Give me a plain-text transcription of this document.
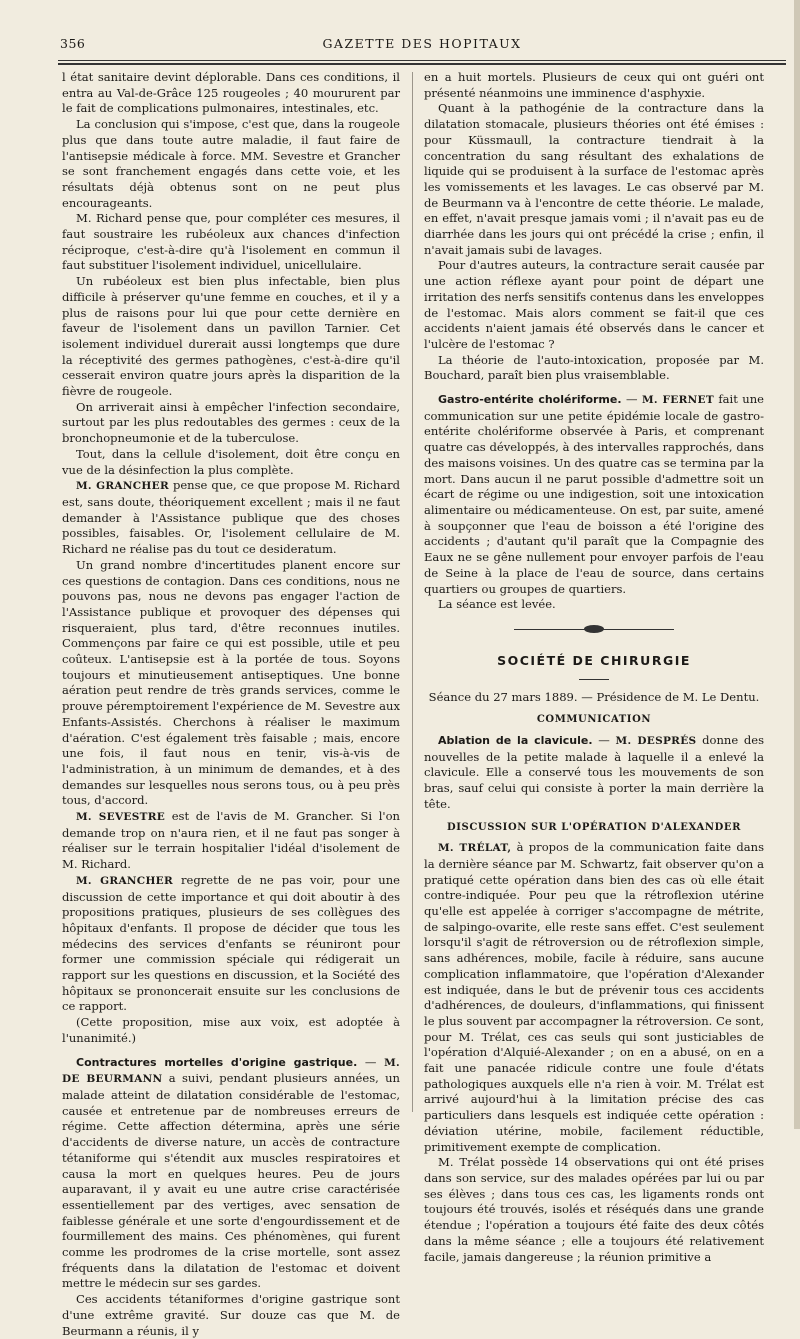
356	GAZETTE DES HOPITAUX

l état sanitaire devint déplorable. Dans ces conditions, il entra au Val-de-Grâce 125 rougeoles ; 40 moururent par le fait de complications pulmonaires, intestinales, etc.

La conclusion qui s'impose, c'est que, dans la rougeole plus que dans toute autre maladie, il faut faire de l'antisepsie médicale à force. MM. Sevestre et Grancher se sont franchement engagés dans cette voie, et les résultats déjà obtenus sont on ne peut plus encourageants.

M. Richard pense que, pour compléter ces mesures, il faut soustraire les rubéoleux aux chances d'infection réciproque, c'est-à-dire qu'à l'isolement en commun il faut substituer l'isolement individuel, unicellulaire.

Un rubéoleux est bien plus infectable, bien plus difficile à préserver qu'une femme en couches, et il y a plus de raisons pour lui que pour cette dernière en faveur de l'isolement dans un pavillon Tarnier. Cet isolement individuel durerait aussi longtemps que dure la réceptivité des germes pathogènes, c'est-à-dire qu'il cesserait environ quatre jours après la disparition de la fièvre de rougeole.

On arriverait ainsi à empêcher l'infection secondaire, surtout par les plus redoutables des germes : ceux de la bronchopneumonie et de la tuberculose.

Tout, dans la cellule d'isolement, doit être conçu en vue de la désinfection la plus complète.

M. GRANCHER pense que, ce que propose M. Richard est, sans doute, théoriquement excellent ; mais il ne faut demander à l'Assistance publique que des choses possibles, faisables. Or, l'isolement cellulaire de M. Richard ne réalise pas du tout ce desideratum.

Un grand nombre d'incertitudes planent encore sur ces questions de contagion. Dans ces conditions, nous ne pouvons pas, nous ne devons pas engager l'action de l'Assistance publique et provoquer des dépenses qui risqueraient, plus tard, d'être reconnues inutiles. Commençons par faire ce qui est possible, utile et peu coûteux. L'antisepsie est à la portée de tous. Soyons toujours et minutieusement antiseptiques. Une bonne aération peut rendre de très grands services, comme le prouve péremptoirement l'expérience de M. Sevestre aux Enfants-Assistés. Cherchons à réaliser le maximum d'aération. C'est également très faisable ; mais, encore une fois, il faut nous en tenir, vis-à-vis de l'administration, à un minimum de demandes, et à des demandes sur lesquelles nous serons tous, ou à peu près tous, d'accord.

M. SEVESTRE est de l'avis de M. Grancher. Si l'on demande trop on n'aura rien, et il ne faut pas songer à réaliser sur le terrain hospitalier l'idéal d'isolement de M. Richard.

M. GRANCHER regrette de ne pas voir, pour une discussion de cette importance et qui doit aboutir à des propositions pratiques, plusieurs de ses collègues des hôpitaux d'enfants. Il propose de décider que tous les médecins des services d'enfants se réuniront pour former une commission spéciale qui rédigerait un rapport sur les questions en discussion, et la Société des hôpitaux se prononcerait ensuite sur les conclusions de ce rapport.

(Cette proposition, mise aux voix, est adoptée à l'unanimité.)

Contractures mortelles d'origine gastrique. — M. DE BEURMANN a suivi, pendant plusieurs années, un malade atteint de dilatation considérable de l'estomac, causée et entretenue par de nombreuses erreurs de régime. Cette affection détermina, après une série d'accidents de diverse nature, un accès de contracture tétaniforme qui s'étendit aux muscles respiratoires et causa la mort en quelques heures. Peu de jours auparavant, il y avait eu une autre crise caractérisée essentiellement par des vertiges, avec sensation de faiblesse générale et une sorte d'engourdissement et de fourmillement des mains. Ces phénomènes, qui furent comme les prodromes de la crise mortelle, sont assez fréquents dans la dilatation de l'estomac et doivent mettre le médecin sur ses gardes.

Ces accidents tétaniformes d'origine gastrique sont d'une extrême gravité. Sur douze cas que M. de Beurmann a réunis, il y

en a huit mortels. Plusieurs de ceux qui ont guéri ont présenté néanmoins une imminence d'asphyxie.

Quant à la pathogénie de la contracture dans la dilatation stomacale, plusieurs théories ont été émises : pour Küssmaull, la contracture tiendrait à la concentration du sang résultant des exhalations de liquide qui se produisent à la surface de l'estomac après les vomissements et les lavages. Le cas observé par M. de Beurmann va à l'encontre de cette théorie. Le malade, en effet, n'avait presque jamais vomi ; il n'avait pas eu de diarrhée dans les jours qui ont précédé la crise ; enfin, il n'avait jamais subi de lavages.

Pour d'autres auteurs, la contracture serait causée par une action réflexe ayant pour point de départ une irritation des nerfs sensitifs contenus dans les enveloppes de l'estomac. Mais alors comment se fait-il que ces accidents n'aient jamais été observés dans le cancer et l'ulcère de l'estomac ?

La théorie de l'auto-intoxication, proposée par M. Bouchard, paraît bien plus vraisemblable.

Gastro-entérite cholériforme. — M. FERNET fait une communication sur une petite épidémie locale de gastro-entérite cholériforme observée à Paris, et comprenant quatre cas développés, à des intervalles rapprochés, dans des maisons voisines. Un des quatre cas se termina par la mort. Dans aucun il ne parut possible d'admettre soit un écart de régime ou une indigestion, soit une intoxication alimentaire ou médicamenteuse. On est, par suite, amené à soupçonner que l'eau de boisson a été l'origine des accidents ; d'autant qu'il paraît que la Compagnie des Eaux ne se gêne nullement pour envoyer parfois de l'eau de Seine à la place de l'eau de source, dans certains quartiers ou groupes de quartiers.

La séance est levée.

SOCIÉTÉ DE CHIRURGIE

Séance du 27 mars 1889. — Présidence de M. Le Dentu.

COMMUNICATION

Ablation de la clavicule. — M. DESPRÉS donne des nouvelles de la petite malade à laquelle il a enlevé la clavicule. Elle a conservé tous les mouvements de son bras, sauf celui qui consiste à porter la main derrière la tête.

DISCUSSION SUR L'OPÉRATION D'ALEXANDER

M. TRÉLAT, à propos de la communication faite dans la dernière séance par M. Schwartz, fait observer qu'on a pratiqué cette opération dans bien des cas où elle était contre-indiquée. Pour peu que la rétroflexion utérine qu'elle est appelée à corriger s'accompagne de métrite, de salpingo-ovarite, elle reste sans effet. C'est seulement lorsqu'il s'agit de rétroversion ou de rétroflexion simple, sans adhérences, mobile, facile à réduire, sans aucune complication inflammatoire, que l'opération d'Alexander est indiquée, dans le but de prévenir tous ces accidents d'adhérences, de douleurs, d'inflammations, qui finissent le plus souvent par accompagner la rétroversion. Ce sont, pour M. Trélat, ces cas seuls qui sont justiciables de l'opération d'Alquié-Alexander ; on en a abusé, on en a fait une panacée ridicule contre une foule d'états pathologiques auxquels elle n'a rien à voir. M. Trélat est arrivé aujourd'hui à la limitation précise des cas particuliers dans lesquels est indiquée cette opération : déviation utérine, mobile, facilement réductible, primitivement exempte de complication.

M. Trélat possède 14 observations qui ont été prises dans son service, sur des malades opérées par lui ou par ses élèves ; dans tous ces cas, les ligaments ronds ont toujours été trouvés, isolés et réséqués dans une grande étendue ; l'opération a toujours été faite des deux côtés dans la même séance ; elle a toujours été relativement facile, jamais dangereuse ; la réunion primitive a
